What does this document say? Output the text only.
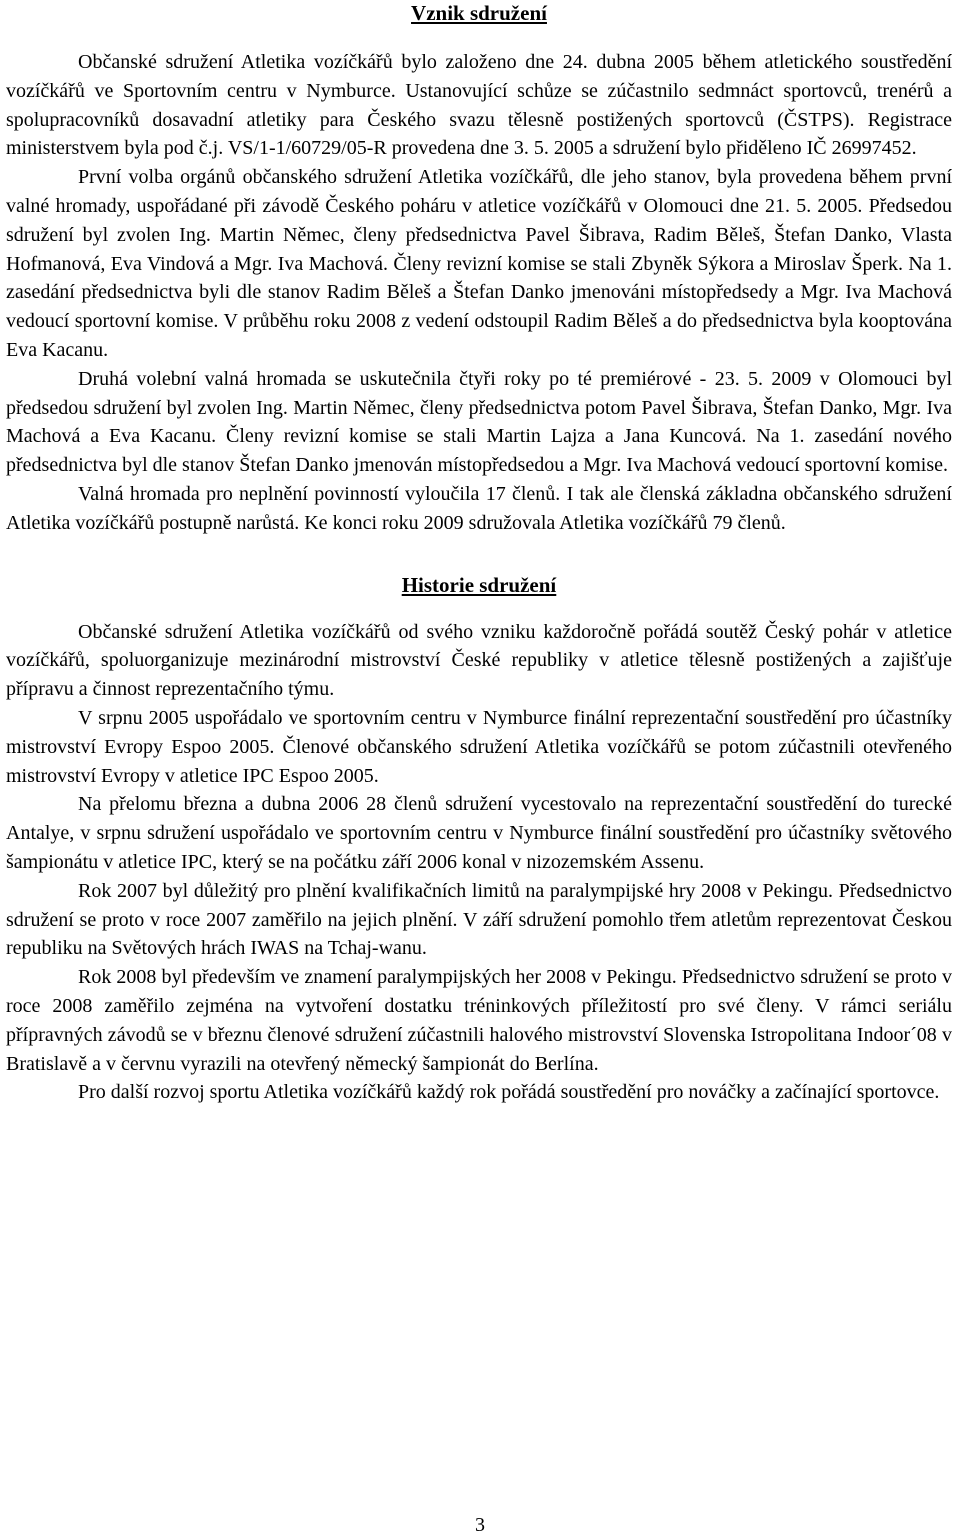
Vznik sdružení

Občanské sdružení Atletika vozíčkářů bylo založeno dne 24. dubna 2005 během atletického soustředění vozíčkářů ve Sportovním centru v Nymburce. Ustanovující schůze se zúčastnilo sedmnáct sportovců, trenérů a spolupracovníků dosavadní atletiky para Českého svazu tělesně postižených sportovců (ČSTPS). Registrace ministerstvem byla pod č.j. VS/1-1/60729/05-R provedena dne 3. 5. 2005 a sdružení bylo přiděleno IČ 26997452.

První volba orgánů občanského sdružení Atletika vozíčkářů, dle jeho stanov, byla provedena během první valné hromady, uspořádané při závodě Českého poháru v atletice vozíčkářů v Olomouci dne 21. 5. 2005. Předsedou sdružení byl zvolen Ing. Martin Němec, členy předsednictva Pavel Šibrava, Radim Běleš, Štefan Danko, Vlasta Hofmanová, Eva Vindová a Mgr. Iva Machová. Členy revizní komise se stali Zbyněk Sýkora a Miroslav Šperk. Na 1. zasedání předsednictva byli dle stanov Radim Běleš a Štefan Danko jmenováni místopředsedy a Mgr. Iva Machová vedoucí sportovní komise. V průběhu roku 2008 z vedení odstoupil Radim Běleš a do předsednictva byla kooptována Eva Kacanu.

Druhá volební valná hromada se uskutečnila čtyři roky po té premiérové - 23. 5. 2009 v Olomouci byl předsedou sdružení byl zvolen Ing. Martin Němec, členy předsednictva potom Pavel Šibrava, Štefan Danko, Mgr. Iva Machová a Eva Kacanu. Členy revizní komise se stali Martin Lajza a Jana Kuncová. Na 1. zasedání nového předsednictva byl dle stanov Štefan Danko jmenován místopředsedou a Mgr. Iva Machová vedoucí sportovní komise.

Valná hromada pro neplnění povinností vyloučila 17 členů. I tak ale členská základna občanského sdružení Atletika vozíčkářů postupně narůstá. Ke konci roku 2009 sdružovala Atletika vozíčkářů 79 členů.

Historie sdružení

Občanské sdružení Atletika vozíčkářů od svého vzniku každoročně pořádá soutěž Český pohár v atletice vozíčkářů, spoluorganizuje mezinárodní mistrovství České republiky v atletice tělesně postižených a zajišťuje přípravu a činnost reprezentačního týmu.

V srpnu 2005 uspořádalo ve sportovním centru v Nymburce finální reprezentační soustředění pro účastníky mistrovství Evropy Espoo 2005. Členové občanského sdružení Atletika vozíčkářů se potom zúčastnili otevřeného mistrovství Evropy v atletice IPC Espoo 2005.

Na přelomu března a dubna 2006 28 členů sdružení vycestovalo na reprezentační soustředění do turecké Antalye, v srpnu sdružení uspořádalo ve sportovním centru v Nymburce finální soustředění pro účastníky světového šampionátu v atletice IPC, který se na počátku září 2006 konal v nizozemském Assenu.

Rok 2007 byl důležitý pro plnění kvalifikačních limitů na paralympijské hry 2008 v Pekingu. Předsednictvo sdružení se proto v roce 2007 zaměřilo na jejich plnění. V září sdružení pomohlo třem atletům reprezentovat Českou republiku na Světových hrách IWAS na Tchaj-wanu.

Rok 2008 byl především ve znamení paralympijských her 2008 v Pekingu. Předsednictvo sdružení se proto v roce 2008 zaměřilo zejména na vytvoření dostatku tréninkových příležitostí pro své členy. V rámci seriálu přípravných závodů se v březnu členové sdružení zúčastnili halového mistrovství Slovenska Istropolitana Indoor´08 v Bratislavě a v červnu vyrazili na otevřený německý šampionát do Berlína.

Pro další rozvoj sportu Atletika vozíčkářů každý rok pořádá soustředění pro nováčky a začínající sportovce.

3
